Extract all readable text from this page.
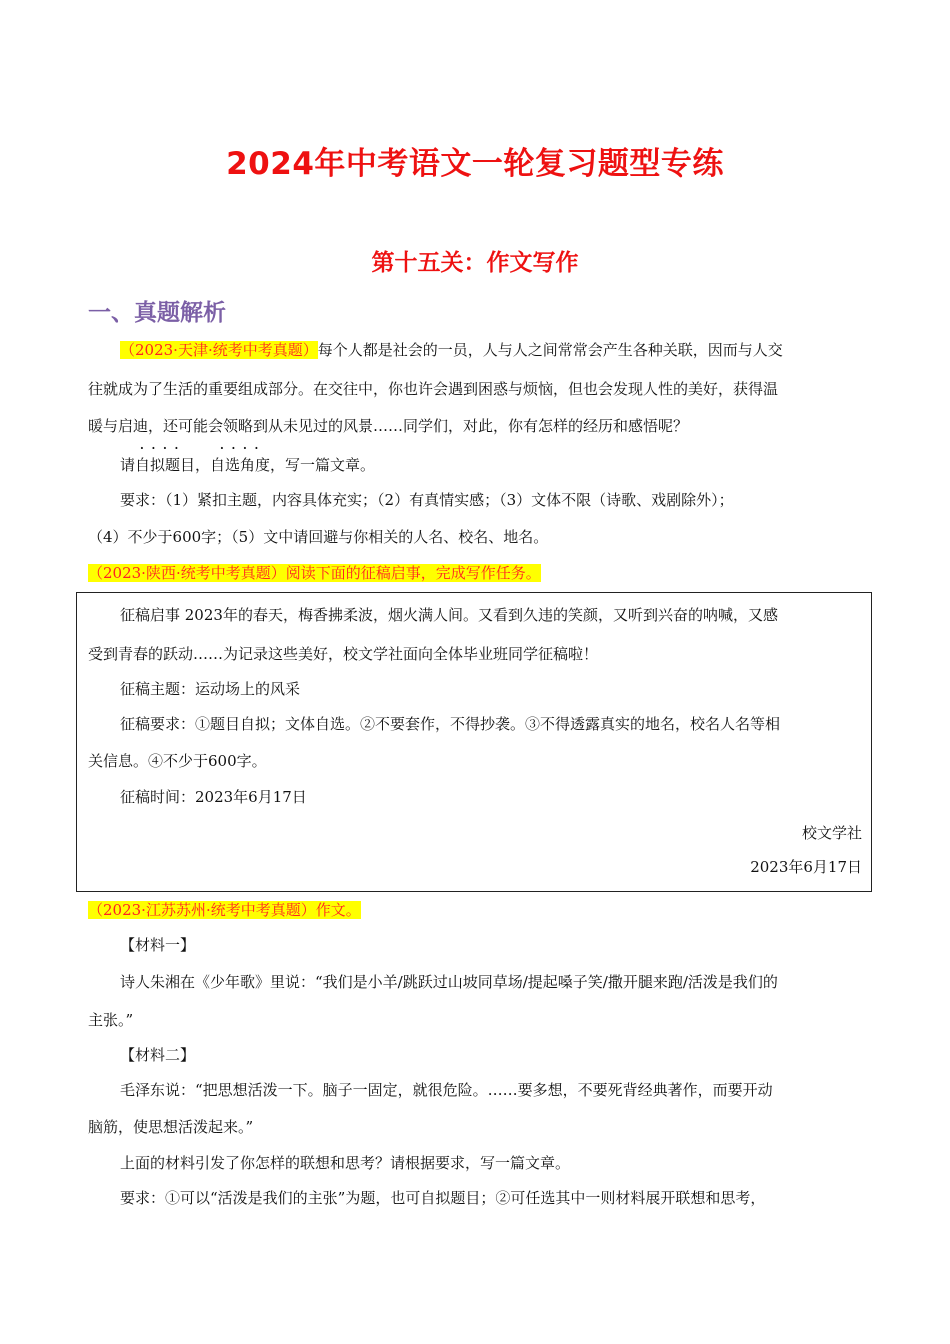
2024年中考语文一轮复习题型专练
第十五关：作文写作
一、真题解析
（2023·天津·统考中考真题）每个人都是社会的一员，人与人之间常常会产生各种关联，因而与人交
往就成为了生活的重要组成部分。在交往中，你也许会遇到困惑与烦恼，但也会发现人性的美好，获得温
暖与启迪，还可能会领略到从未见过的风景……同学们，对此，你有怎样的经历和感悟呢？
·  ·  ·  ·	·  ·  ·  ·
请自拟题目，自选角度，写一篇文章。
要求：（1）紧扣主题，内容具体充实；（2）有真情实感；（3）文体不限（诗歌、戏剧除外）；
（4）不少于600字；（5）文中请回避与你相关的人名、校名、地名。
（2023·陕西·统考中考真题）阅读下面的征稿启事，完成写作任务。
征稿启事 2023年的春天，梅香拂柔波，烟火满人间。又看到久违的笑颜，又听到兴奋的呐喊，又感
受到青春的跃动……为记录这些美好，校文学社面向全体毕业班同学征稿啦！
征稿主题：运动场上的风采
征稿要求：①题目自拟；文体自选。②不要套作，不得抄袭。③不得透露真实的地名，校名人名等相
关信息。④不少于600字。
征稿时间：2023年6月17日
校文学社
2023年6月17日
（2023·江苏苏州·统考中考真题）作文。
【材料一】
诗人朱湘在《少年歌》里说：“我们是小羊/跳跃过山坡同草场/提起嗓子笑/撒开腿来跑/活泼是我们的
主张。”
【材料二】
毛泽东说：“把思想活泼一下。脑子一固定，就很危险。……要多想，不要死背经典著作，而要开动
脑筋，使思想活泼起来。”
上面的材料引发了你怎样的联想和思考？请根据要求，写一篇文章。
要求：①可以“活泼是我们的主张”为题，也可自拟题目；②可任选其中一则材料展开联想和思考，
